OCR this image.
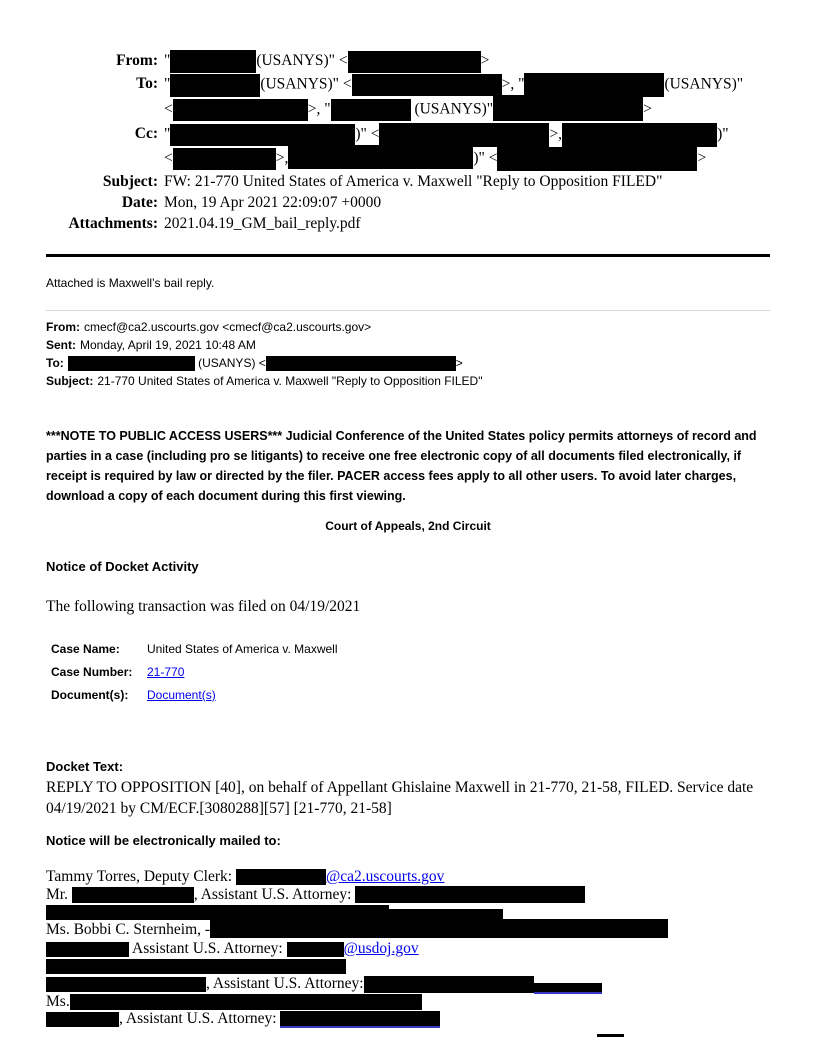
From: "	(USANYS)" <	>
To: "	(USANYS)" <	>, "	(USANYS)"
<	>, "	(USANYS)"	>
Cc: "	)" <	>,	)"
<	>,	)" <	>
Subject: FW: 21-770 United States of America v. Maxwell "Reply to Opposition FILED"
Date: Mon, 19 Apr 2021 22:09:07 +0000
Attachments: 2021.04.19_GM_bail_reply.pdf
Attached is Maxwell’s bail reply.
From: cmecf@ca2.uscourts.gov <cmecf@ca2.uscourts.gov>
Sent: Monday, April 19, 2021 10:48 AM
To:	(USANYS) <	>
Subject: 21-770 United States of America v. Maxwell "Reply to Opposition FILED"

***NOTE TO PUBLIC ACCESS USERS*** Judicial Conference of the United States policy permits attorneys of record and parties in a case (including pro se litigants) to receive one free electronic copy of all documents filed electronically, if receipt is required by law or directed by the filer. PACER access fees apply to all other users. To avoid later charges, download a copy of each document during this first viewing.

Court of Appeals, 2nd Circuit
Notice of Docket Activity
The following transaction was filed on 04/19/2021
Case Name:	United States of America v. Maxwell
Case Number:	21-770
Document(s):	Document(s)
Docket Text:
REPLY TO OPPOSITION [40], on behalf of Appellant Ghislaine Maxwell in 21-770, 21-58, FILED. Service date 04/19/2021 by CM/ECF.[3080288][57] [21-770, 21-58]
Notice will be electronically mailed to:
Tammy Torres, Deputy Clerk:	@ca2.uscourts.gov
Mr.	, Assistant U.S. Attorney:
Ms. Bobbi C. Sternheim, -
Assistant U.S. Attorney:	@usdoj.gov
, Assistant U.S. Attorney:
Ms.
, Assistant U.S. Attorney:
